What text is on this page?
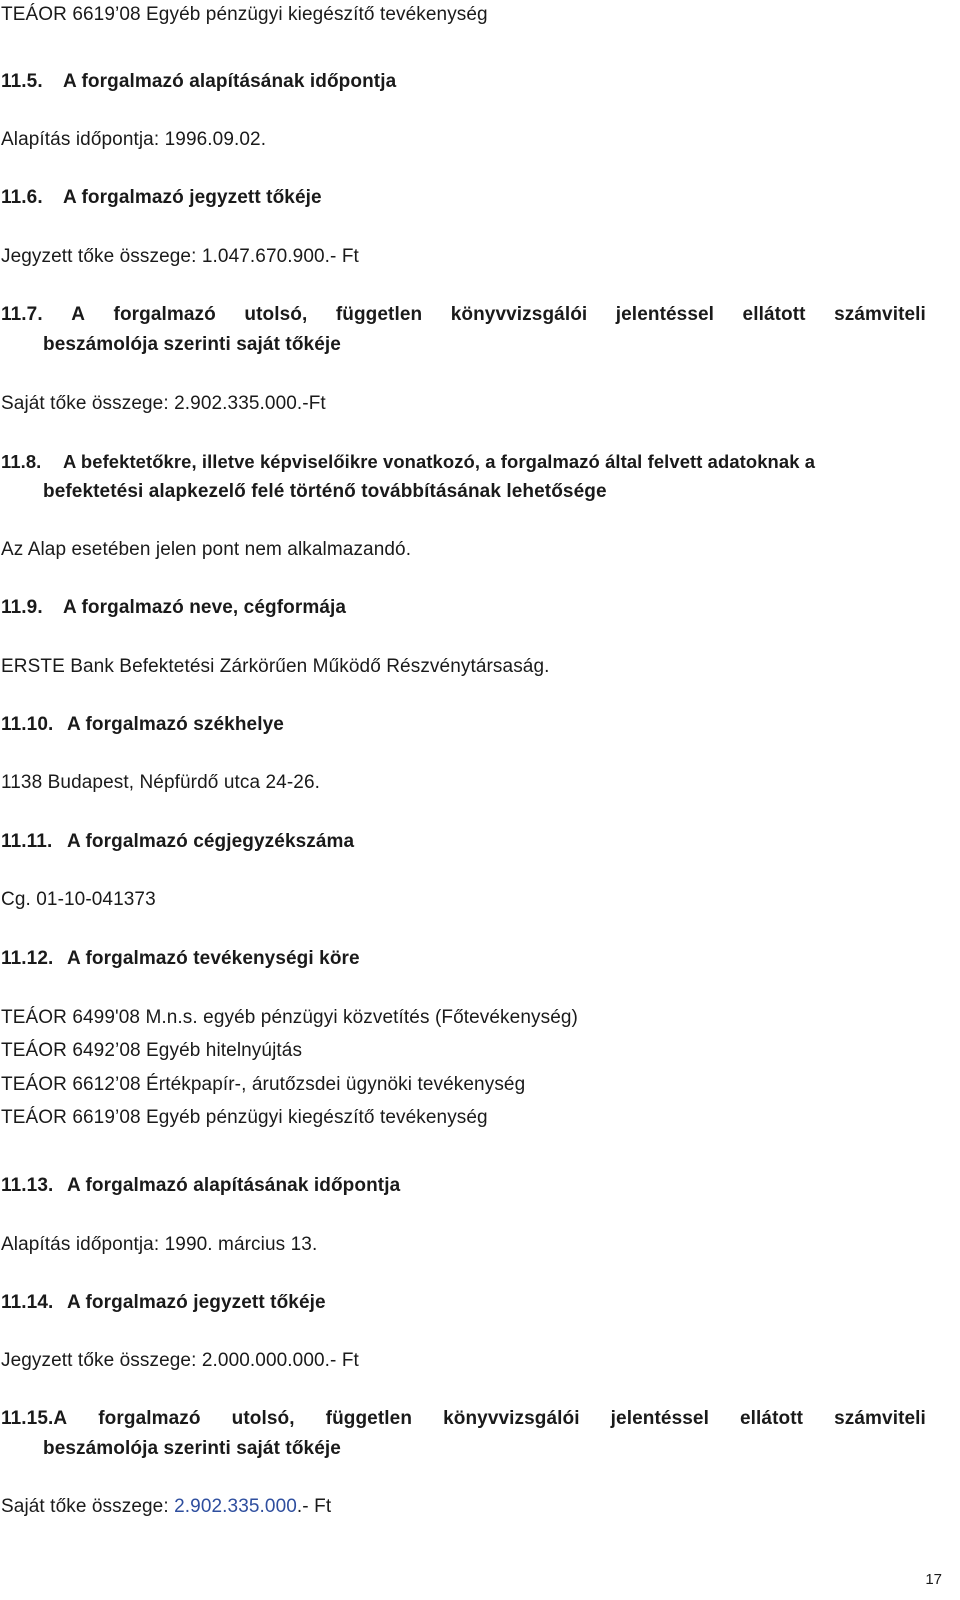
TEÁOR 6619’08 Egyéb pénzügyi kiegészítő tevékenység
11.5. A forgalmazó alapításának időpontja
Alapítás időpontja: 1996.09.02.
11.6. A forgalmazó jegyzett tőkéje
Jegyzett tőke összege: 1.047.670.900.- Ft
11.7. A forgalmazó utolsó, független könyvvizsgálói jelentéssel ellátott számviteli
beszámolója szerinti saját tőkéje
Saját tőke összege: 2.902.335.000.-Ft
11.8. A befektetőkre, illetve képviselőikre vonatkozó, a forgalmazó által felvett adatoknak a
befektetési alapkezelő felé történő továbbításának lehetősége
Az Alap esetében jelen pont nem alkalmazandó.
11.9. A forgalmazó neve, cégformája
ERSTE Bank Befektetési Zárkörűen Működő Részvénytársaság.
11.10. A forgalmazó székhelye
1138 Budapest, Népfürdő utca 24-26.
11.11. A forgalmazó cégjegyzékszáma
Cg. 01-10-041373
11.12. A forgalmazó tevékenységi köre
TEÁOR 6499'08 M.n.s. egyéb pénzügyi közvetítés (Főtevékenység)
TEÁOR 6492’08 Egyéb hitelnyújtás
TEÁOR 6612’08 Értékpapír-, árutőzsdei ügynöki tevékenység
TEÁOR 6619’08 Egyéb pénzügyi kiegészítő tevékenység
11.13. A forgalmazó alapításának időpontja
Alapítás időpontja: 1990. március 13.
11.14. A forgalmazó jegyzett tőkéje
Jegyzett tőke összege: 2.000.000.000.- Ft
11.15.A forgalmazó utolsó, független könyvvizsgálói jelentéssel ellátott számviteli
beszámolója szerinti saját tőkéje
Saját tőke összege: 2.902.335.000.- Ft
17
